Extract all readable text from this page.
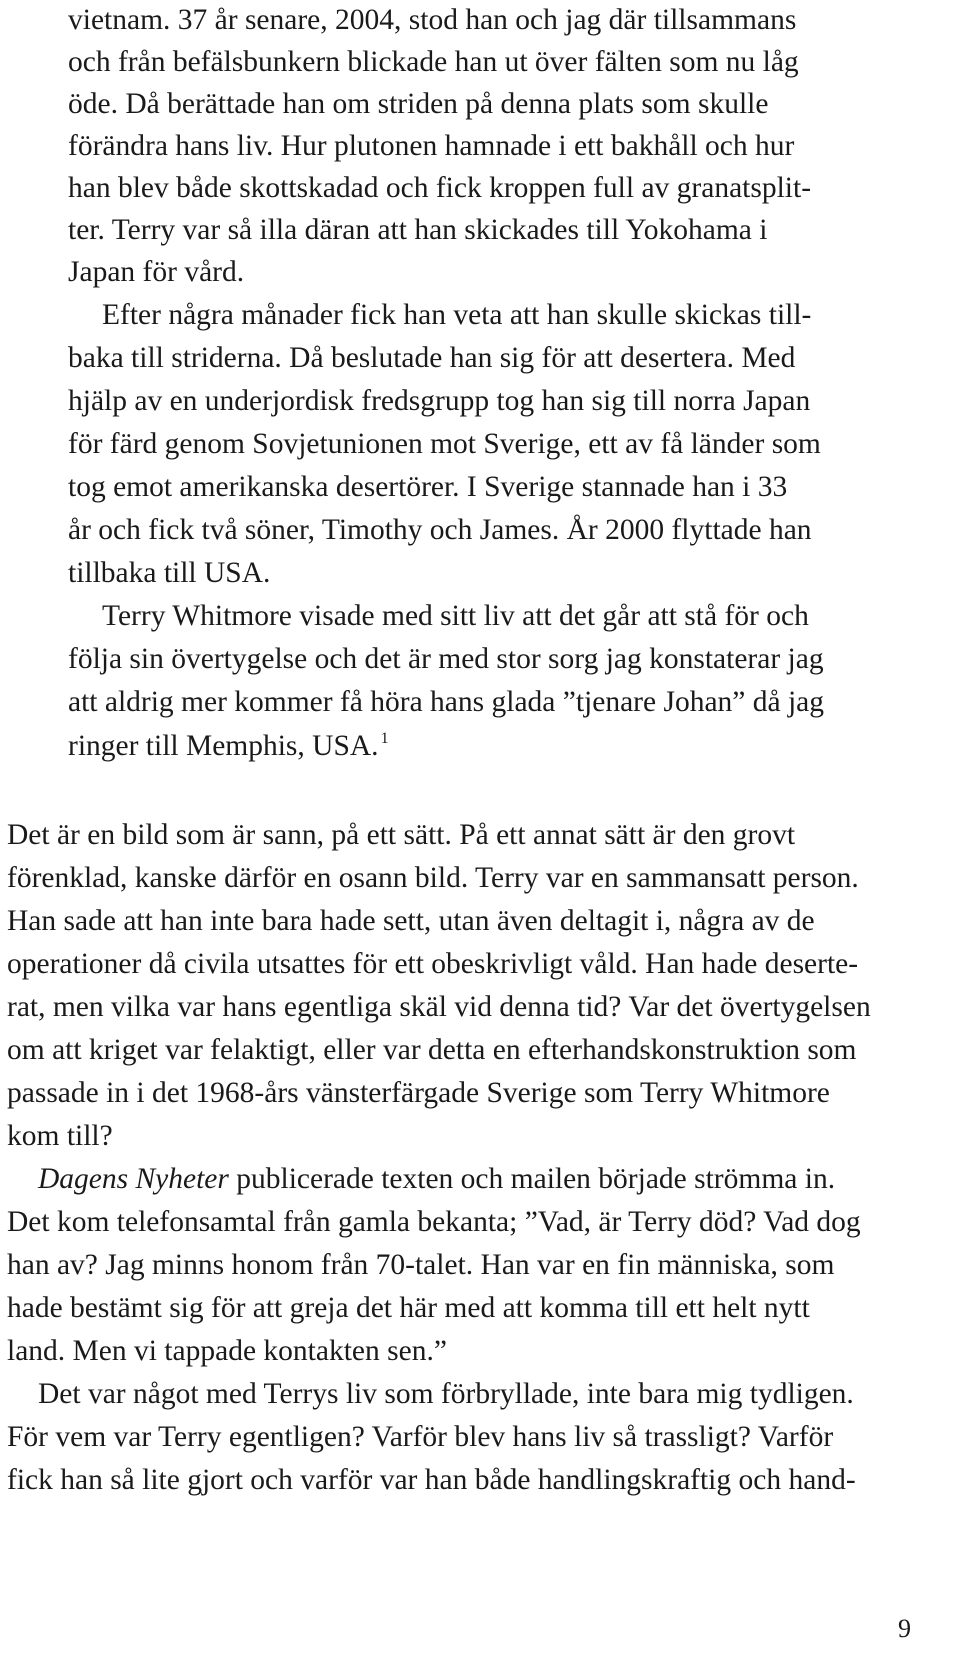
vietnam. 37 år senare, 2004, stod han och jag där tillsammans
och från befälsbunkern blickade han ut över fälten som nu låg
öde. Då berättade han om striden på denna plats som skulle
förändra hans liv. Hur plutonen hamnade i ett bakhåll och hur
han blev både skottskadad och fick kroppen full av granatsplit-
ter. Terry var så illa däran att han skickades till Yokohama i
Japan för vård.
Efter några månader fick han veta att han skulle skickas till-
baka till striderna. Då beslutade han sig för att desertera. Med
hjälp av en underjordisk fredsgrupp tog han sig till norra Japan
för färd genom Sovjetunionen mot Sverige, ett av få länder som
tog emot amerikanska desertörer. I Sverige stannade han i 33
år och fick två söner, Timothy och James. År 2000 flyttade han
tillbaka till USA.
Terry Whitmore visade med sitt liv att det går att stå för och
följa sin övertygelse och det är med stor sorg jag konstaterar jag
att aldrig mer kommer få höra hans glada ”tjenare Johan” då jag
ringer till Memphis, USA. $^1$
Det är en bild som är sann, på ett sätt. På ett annat sätt är den grovt
förenklad, kanske därför en osann bild. Terry var en sammansatt person.
Han sade att han inte bara hade sett, utan även deltagit i, några av de
operationer då civila utsattes för ett obeskrivligt våld. Han hade deserte-
rat, men vilka var hans egentliga skäl vid denna tid? Var det övertygelsen
om att kriget var felaktigt, eller var detta en efterhandskonstruktion som
passade in i det 1968-års vänsterfärgade Sverige som Terry Whitmore
kom till?
Dagens Nyheter publicerade texten och mailen började strömma in.
Det kom telefonsamtal från gamla bekanta; ”Vad, är Terry död? Vad dog
han av? Jag minns honom från 70-talet. Han var en fin människa, som
hade bestämt sig för att greja det här med att komma till ett helt nytt
land. Men vi tappade kontakten sen.”
Det var något med Terrys liv som förbryllade, inte bara mig tydligen.
För vem var Terry egentligen? Varför blev hans liv så trassligt? Varför
fick han så lite gjort och varför var han både handlingskraftig och hand-
9
